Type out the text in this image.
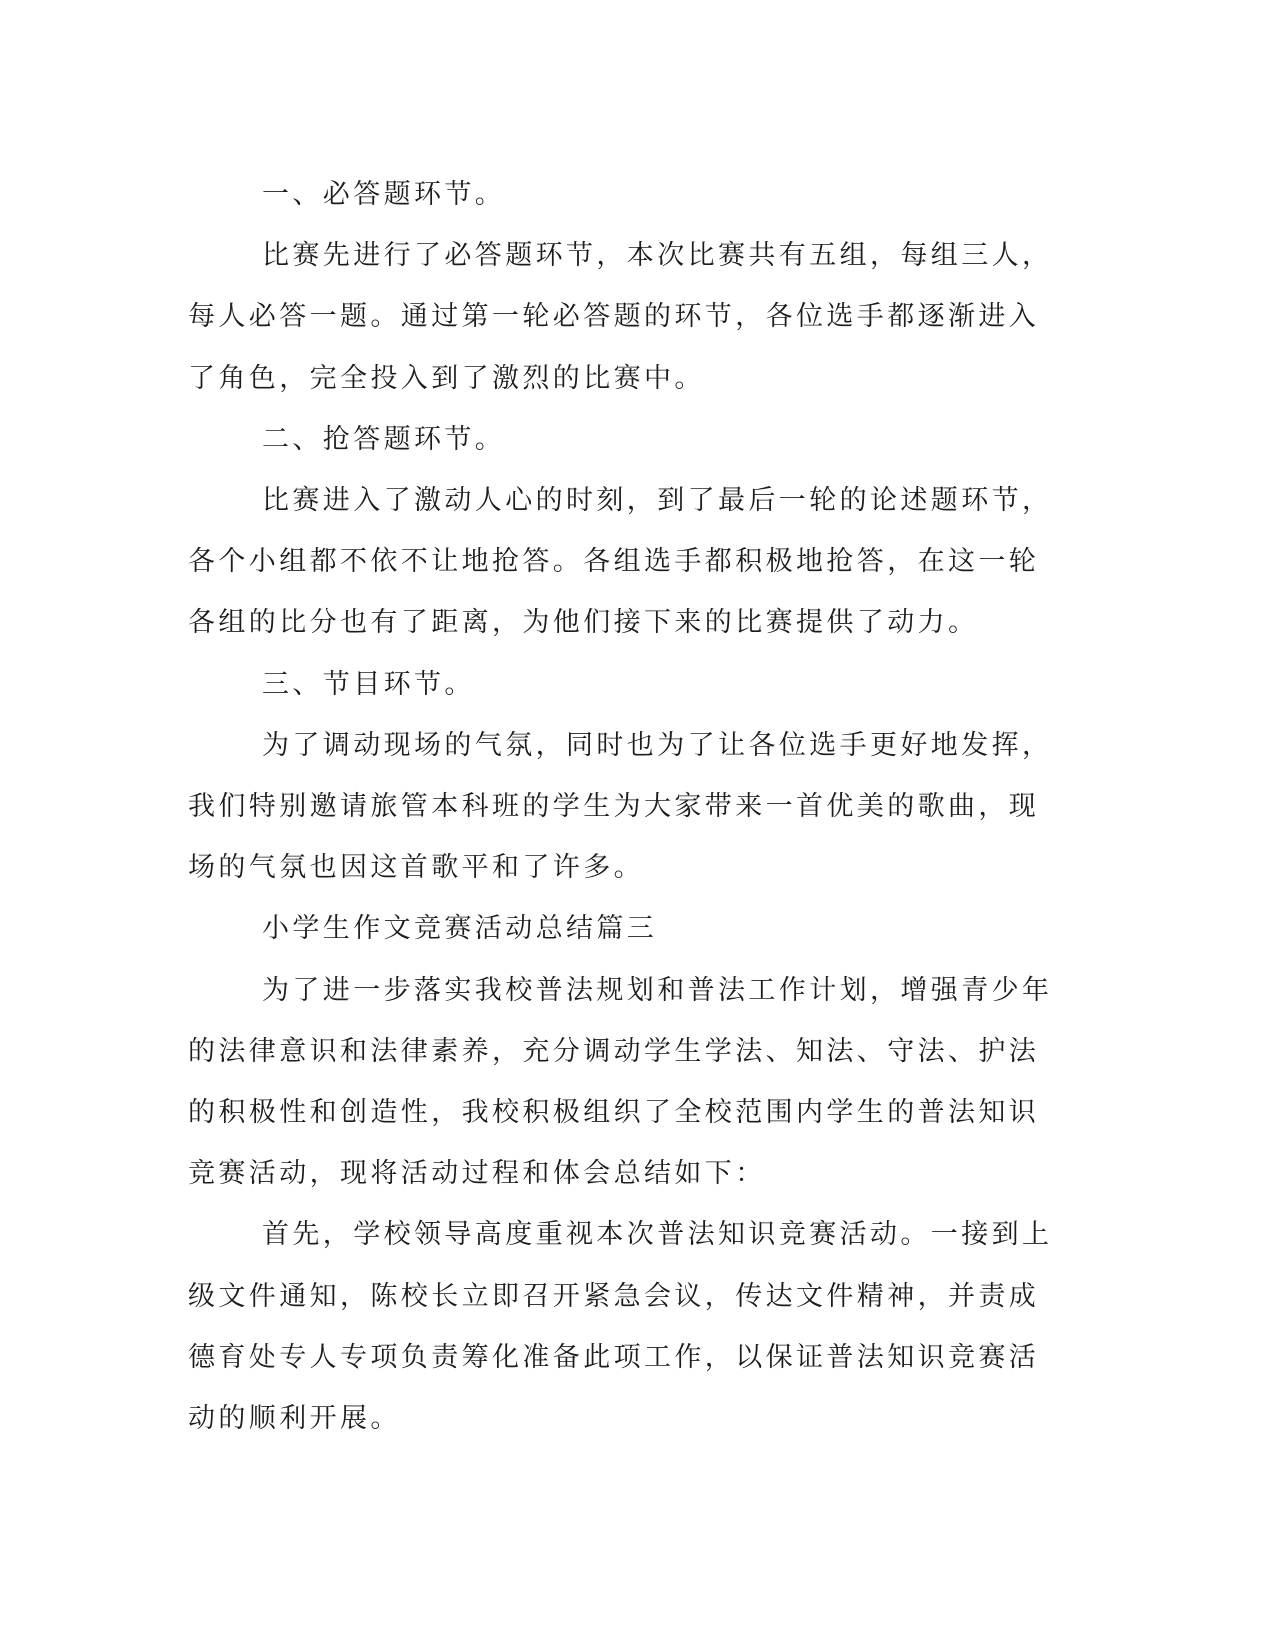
一、必答题环节。

比赛先进行了必答题环节，本次比赛共有五组，每组三人，每人必答一题。通过第一轮必答题的环节，各位选手都逐渐进入了角色，完全投入到了激烈的比赛中。

二、抢答题环节。

比赛进入了激动人心的时刻，到了最后一轮的论述题环节，各个小组都不依不让地抢答。各组选手都积极地抢答，在这一轮各组的比分也有了距离，为他们接下来的比赛提供了动力。

三、节目环节。

为了调动现场的气氛，同时也为了让各位选手更好地发挥，我们特别邀请旅管本科班的学生为大家带来一首优美的歌曲，现场的气氛也因这首歌平和了许多。

小学生作文竞赛活动总结篇三

为了进一步落实我校普法规划和普法工作计划，增强青少年的法律意识和法律素养，充分调动学生学法、知法、守法、护法的积极性和创造性，我校积极组织了全校范围内学生的普法知识竞赛活动，现将活动过程和体会总结如下：

首先，学校领导高度重视本次普法知识竞赛活动。一接到上级文件通知，陈校长立即召开紧急会议，传达文件精神，并责成德育处专人专项负责筹化准备此项工作，以保证普法知识竞赛活动的顺利开展。
